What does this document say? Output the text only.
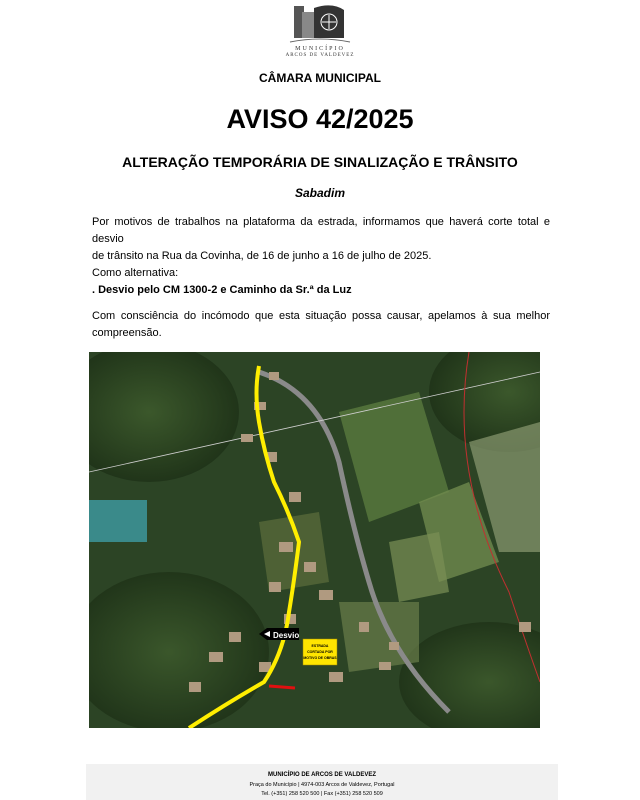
MUNICÍPIO
ARCOS DE VALDEVEZ
CÂMARA MUNICIPAL
AVISO 42/2025
ALTERAÇÃO TEMPORÁRIA DE SINALIZAÇÃO E TRÂNSITO
Sabadim
Por motivos de trabalhos na plataforma da estrada, informamos que haverá corte total e desvio
de trânsito na Rua da Covinha, de 16 de junho a 16 de julho de 2025.
Como alternativa:
. Desvio pelo CM 1300-2 e Caminho da Sr.ª da Luz
Com consciência do incómodo que esta situação possa causar, apelamos à sua melhor compreensão.
Desvio
ESTRADA
CORTADA POR
MOTIVO DE OBRAS
MUNICÍPIO DE ARCOS DE VALDEVEZ
Praça do Município | 4974-003 Arcos de Valdevez, Portugal
Tel. (+351) 258 520 500 | Fax (+351) 258 520 509
